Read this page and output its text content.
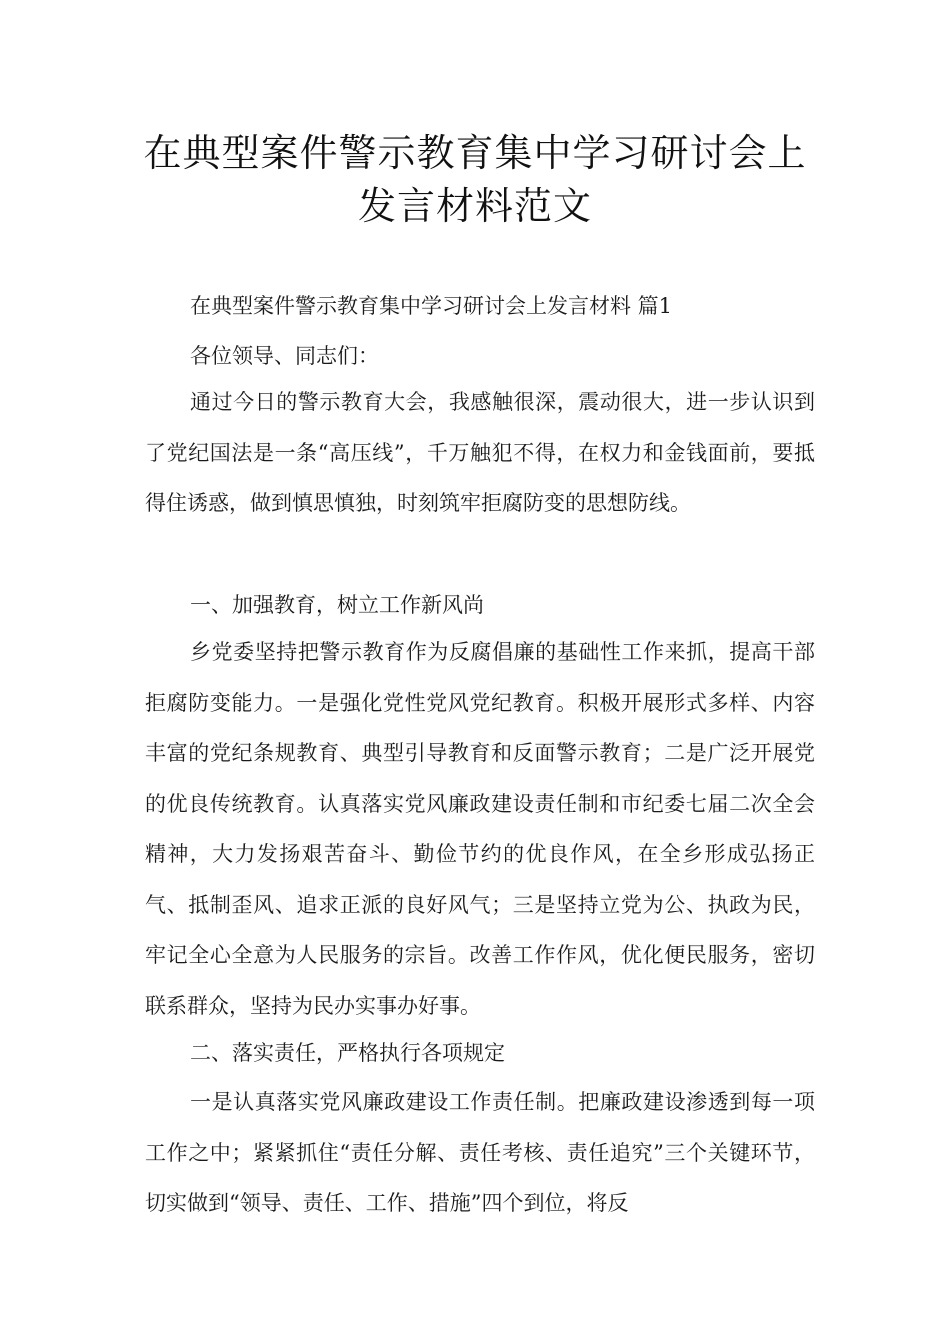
在典型案件警示教育集中学习研讨会上
发言材料范文

在典型案件警示教育集中学习研讨会上发言材料 篇1

各位领导、同志们：

通过今日的警示教育大会，我感触很深，震动很大，进一步认识到了党纪国法是一条“高压线”，千万触犯不得，在权力和金钱面前，要抵得住诱惑，做到慎思慎独，时刻筑牢拒腐防变的思想防线。

一、加强教育，树立工作新风尚

乡党委坚持把警示教育作为反腐倡廉的基础性工作来抓，提高干部拒腐防变能力。一是强化党性党风党纪教育。积极开展形式多样、内容丰富的党纪条规教育、典型引导教育和反面警示教育；二是广泛开展党的优良传统教育。认真落实党风廉政建设责任制和市纪委七届二次全会精神，大力发扬艰苦奋斗、勤俭节约的优良作风，在全乡形成弘扬正气、抵制歪风、追求正派的良好风气；三是坚持立党为公、执政为民，牢记全心全意为人民服务的宗旨。改善工作作风，优化便民服务，密切联系群众，坚持为民办实事办好事。

二、落实责任，严格执行各项规定

一是认真落实党风廉政建设工作责任制。把廉政建设渗透到每一项工作之中；紧紧抓住“责任分解、责任考核、责任追究”三个关键环节，切实做到“领导、责任、工作、措施”四个到位，将反
